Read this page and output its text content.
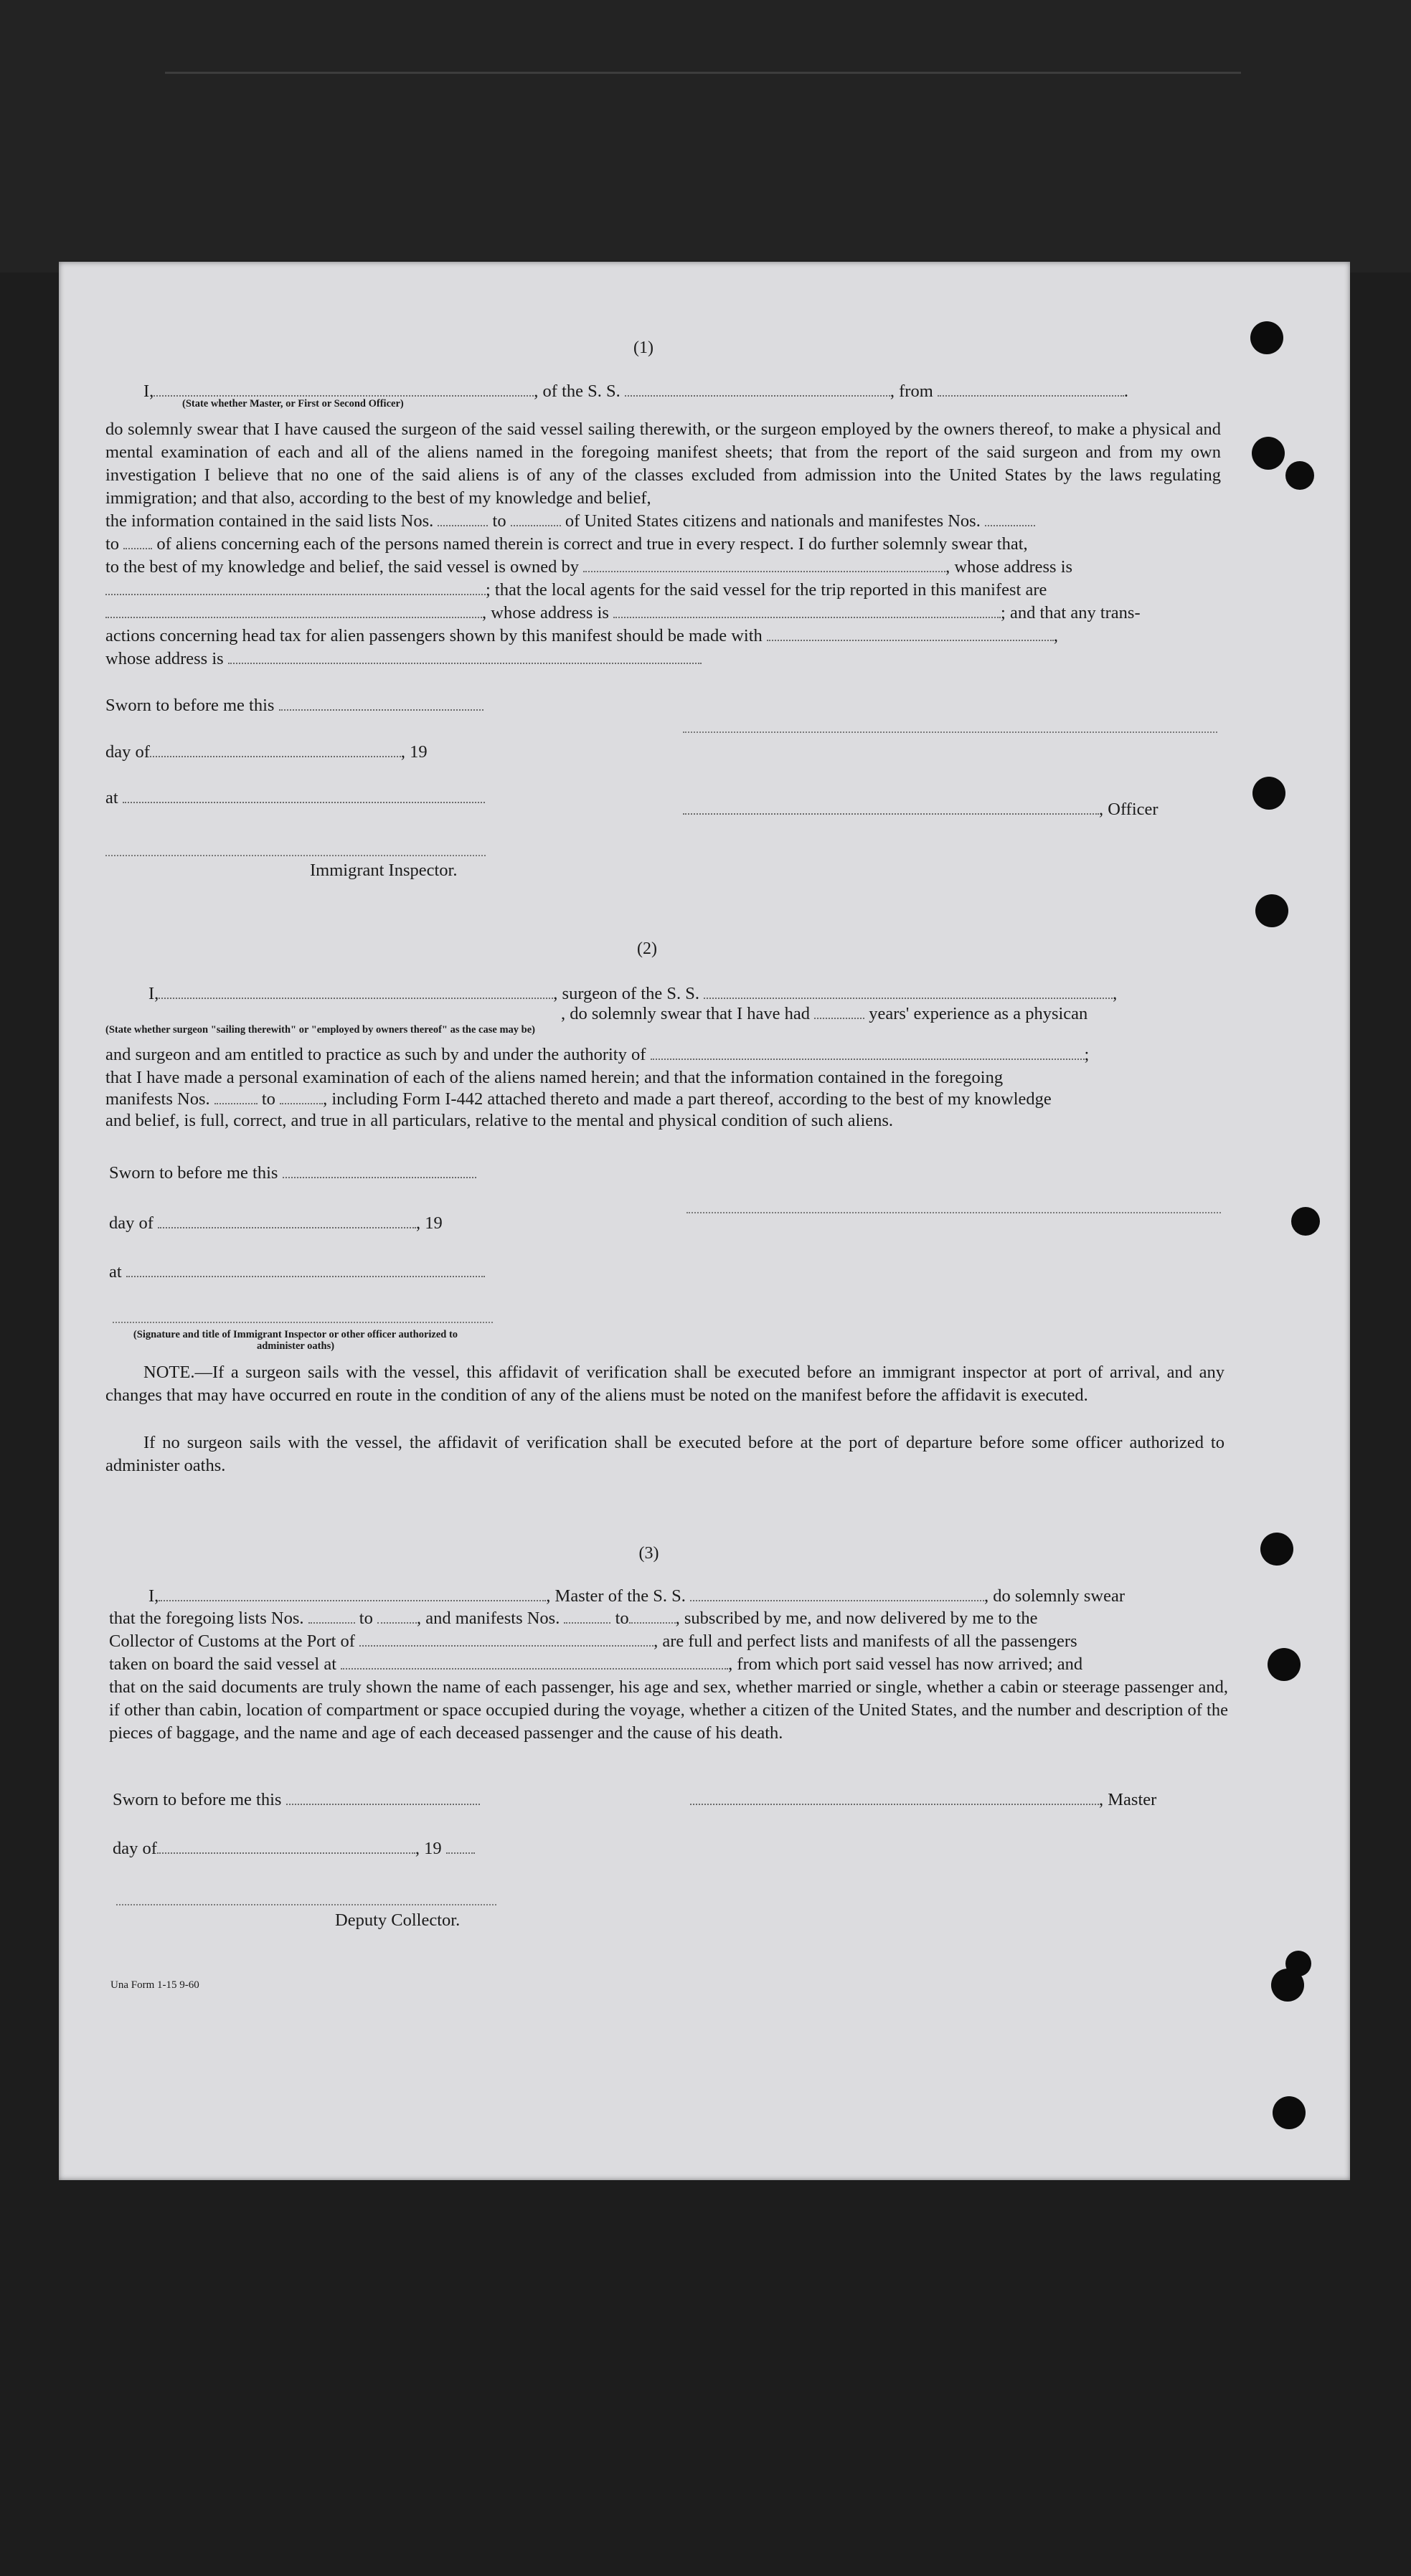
(1)
I,	, of the S. S.	, from	.
(State whether Master, or First or Second Officer)
do solemnly swear that I have caused the surgeon of the said vessel sailing therewith, or the surgeon employed by the owners thereof, to make a physical and mental examination of each and all of the aliens named in the foregoing manifest sheets; that from the report of the said surgeon and from my own investigation I believe that no one of the said aliens is of any of the classes excluded from admission into the United States by the laws regulating immigration; and that also, according to the best of my knowledge and belief,
the information contained in the said lists Nos.	to	of United States citizens and nationals and manifestes Nos.
to of aliens concerning each of the persons named therein is correct and true in every respect. I do further solemnly swear that,
to the best of my knowledge and belief, the said vessel is owned by	, whose address is
; that the local agents for the said vessel for the trip reported in this manifest are
, whose address is	; and that any trans-
actions concerning head tax for alien passengers shown by this manifest should be made with	,
whose address is
Sworn to before me this
day of	, 19
at
, Officer
Immigrant Inspector.
(2)
I,	, surgeon of the S. S.	,
, do solemnly swear that I have had	years' experience as a physican
(State whether surgeon "sailing therewith" or "employed by owners thereof" as the case may be)
and surgeon and am entitled to practice as such by and under the authority of	;
that I have made a personal examination of each of the aliens named herein; and that the information contained in the foregoing
manifests Nos.	to	, including Form I-442 attached thereto and made a part thereof, according to the best of my knowledge
and belief, is full, correct, and true in all particulars, relative to the mental and physical condition of such aliens.
Sworn to before me this
day of	, 19
at
(Signature and title of Immigrant Inspector or other officer authorized to administer oaths)
NOTE.—If a surgeon sails with the vessel, this affidavit of verification shall be executed before an immigrant inspector at port of arrival, and any changes that may have occurred en route in the condition of any of the aliens must be noted on the manifest before the affidavit is executed.
If no surgeon sails with the vessel, the affidavit of verification shall be executed before at the port of departure before some officer authorized to administer oaths.
(3)
I,	, Master of the S. S.	, do solemnly swear
that the foregoing lists Nos.	to , and manifests Nos.	to	, subscribed by me, and now delivered by me to the
Collector of Customs at the Port of	, are full and perfect lists and manifests of all the passengers
taken on board the said vessel at	, from which port said vessel has now arrived; and
that on the said documents are truly shown the name of each passenger, his age and sex, whether married or single, whether a cabin or steerage passenger and, if other than cabin, location of compartment or space occupied during the voyage, whether a citizen of the United States, and the number and description of the pieces of baggage, and the name and age of each deceased passenger and the cause of his death.
Sworn to before me this	, Master
day of	, 19
Deputy Collector.
Una Form 1-15 9-60
